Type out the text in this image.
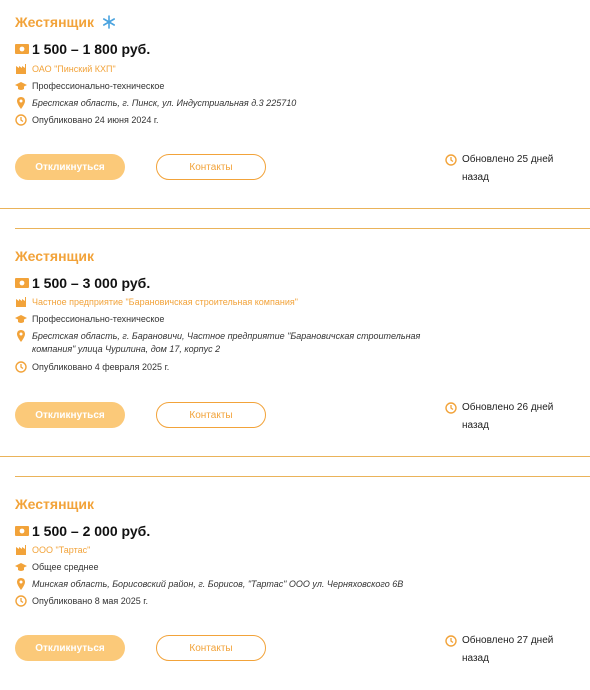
Жестянщик
1 500 – 1 800 руб.
ОАО "Пинский КХП"
Профессионально-техническое
Брестская область, г. Пинск, ул. Индустриальная д.3 225710
Опубликовано 24 июня 2024 г.
Откликнуться	Контакты
Обновлено 25 дней назад
Жестянщик
1 500 – 3 000 руб.
Частное предприятие "Барановичская строительная компания"
Профессионально-техническое
Брестская область, г. Барановичи, Частное предприятие "Барановичская строительная компания" улица Чурилина, дом 17, корпус 2
Опубликовано 4 февраля 2025 г.
Откликнуться	Контакты
Обновлено 26 дней назад
Жестянщик
1 500 – 2 000 руб.
ООО "Тартас"
Общее среднее
Минская область, Борисовский район, г. Борисов, "Тартас" ООО ул. Черняховского 6В
Опубликовано 8 мая 2025 г.
Откликнуться	Контакты
Обновлено 27 дней назад
